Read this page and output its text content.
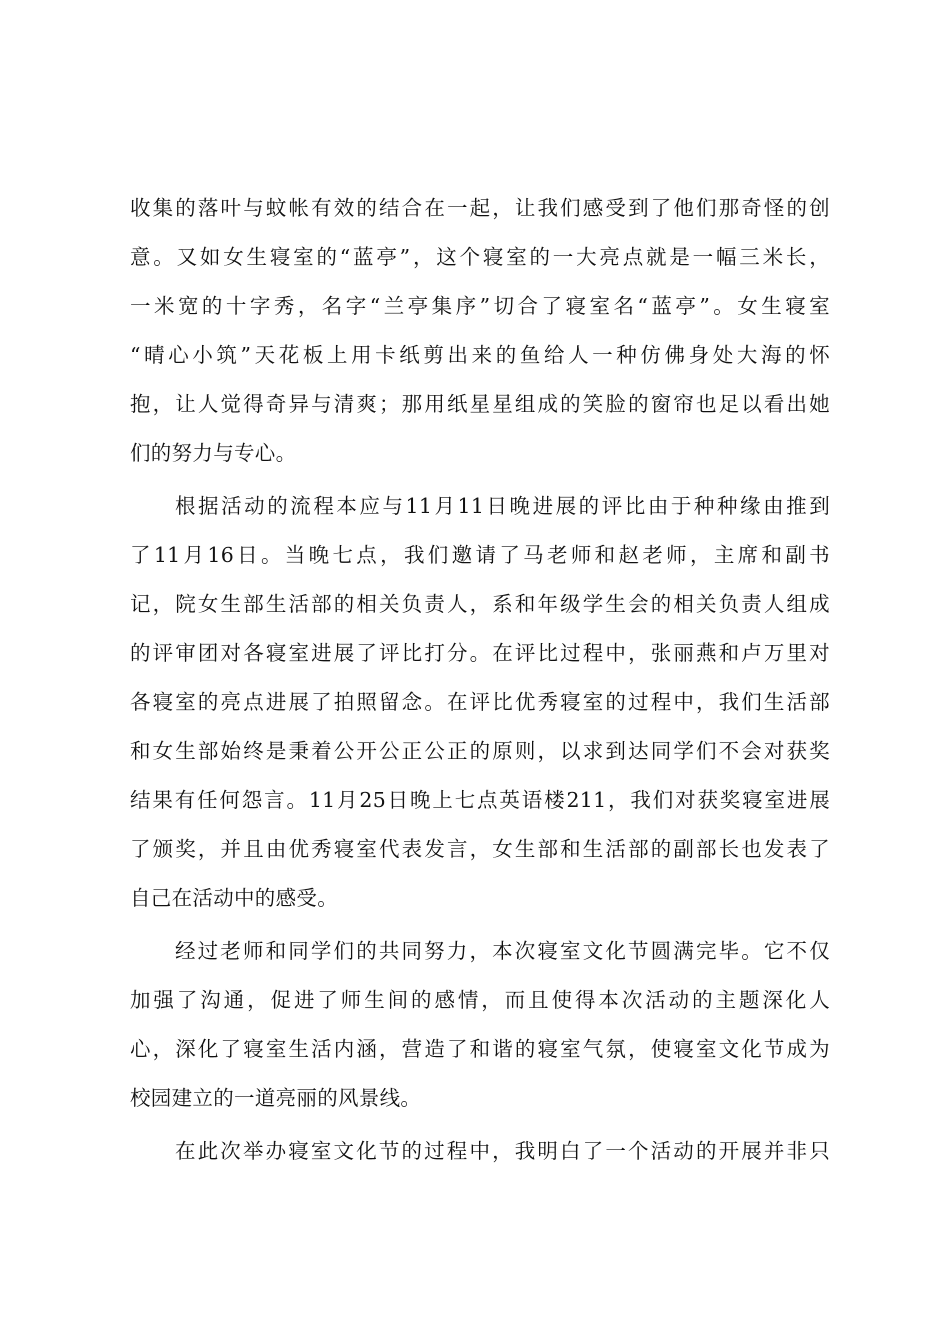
收集的落叶与蚊帐有效的结合在一起，让我们感受到了他们那奇怪的创
意。又如女生寝室的“蓝亭”，这个寝室的一大亮点就是一幅三米长，
一米宽的十字秀，名字“兰亭集序”切合了寝室名“蓝亭”。女生寝室
“晴心小筑”天花板上用卡纸剪出来的鱼给人一种仿佛身处大海的怀
抱，让人觉得奇异与清爽；那用纸星星组成的笑脸的窗帘也足以看出她
们的努力与专心。
根据活动的流程本应与11月11日晚进展的评比由于种种缘由推到
了11月16日。当晚七点，我们邀请了马老师和赵老师，主席和副书
记，院女生部生活部的相关负责人，系和年级学生会的相关负责人组成
的评审团对各寝室进展了评比打分。在评比过程中，张丽燕和卢万里对
各寝室的亮点进展了拍照留念。在评比优秀寝室的过程中，我们生活部
和女生部始终是秉着公开公正公正的原则，以求到达同学们不会对获奖
结果有任何怨言。11月25日晚上七点英语楼211，我们对获奖寝室进展
了颁奖，并且由优秀寝室代表发言，女生部和生活部的副部长也发表了
自己在活动中的感受。
经过老师和同学们的共同努力，本次寝室文化节圆满完毕。它不仅
加强了沟通，促进了师生间的感情，而且使得本次活动的主题深化人
心，深化了寝室生活内涵，营造了和谐的寝室气氛，使寝室文化节成为
校园建立的一道亮丽的风景线。
在此次举办寝室文化节的过程中，我明白了一个活动的开展并非只
